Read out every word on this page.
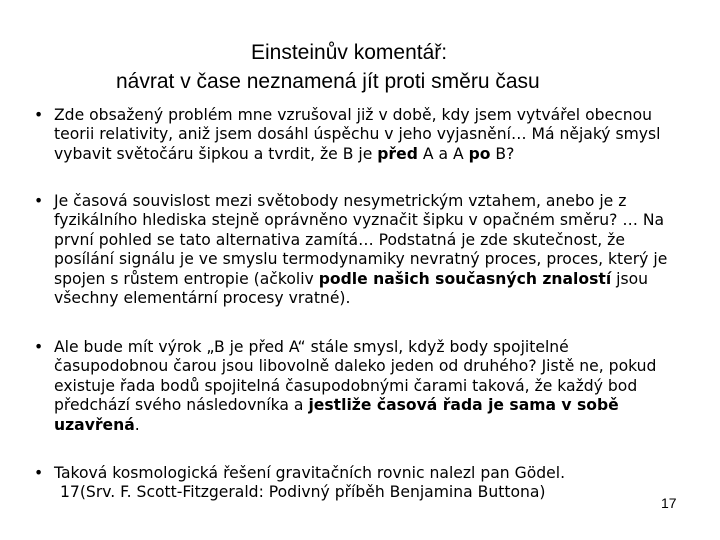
Einsteinův komentář:
návrat v čase neznamená jít proti směru času
• Zde obsažený problém mne vzrušoval již v době, kdy jsem vytvářel obecnou teorii relativity, aniž jsem dosáhl úspěchu v jeho vyjasnění… Má nějaký smysl vybavit světočáru šipkou a tvrdit, že B je před A a A po B?

• Je časová souvislost mezi světobody nesymetrickým vztahem, anebo je z fyzikálního hlediska stejně oprávněno vyznačit šipku v opačném směru? … Na první pohled se tato alternativa zamítá… Podstatná je zde skutečnost, že posílání signálu je ve smyslu termodynamiky nevratný proces, proces, který je spojen s růstem entropie (ačkoliv podle našich současných znalostí jsou všechny elementární procesy vratné).

• Ale bude mít výrok „B je před A“ stále smysl, když body spojitelné časupodobnou čarou jsou libovolně daleko jeden od druhého? Jistě ne, pokud existuje řada bodů spojitelná časupodobnými čarami taková, že každý bod předchází svého následovníka a jestliže časová řada je sama v sobě uzavřená.

• Taková kosmologická řešení gravitačních rovnic nalezl pan Gödel.

17(Srv. F. Scott-Fitzgerald: Podivný příběh Benjamina Buttona)

17
